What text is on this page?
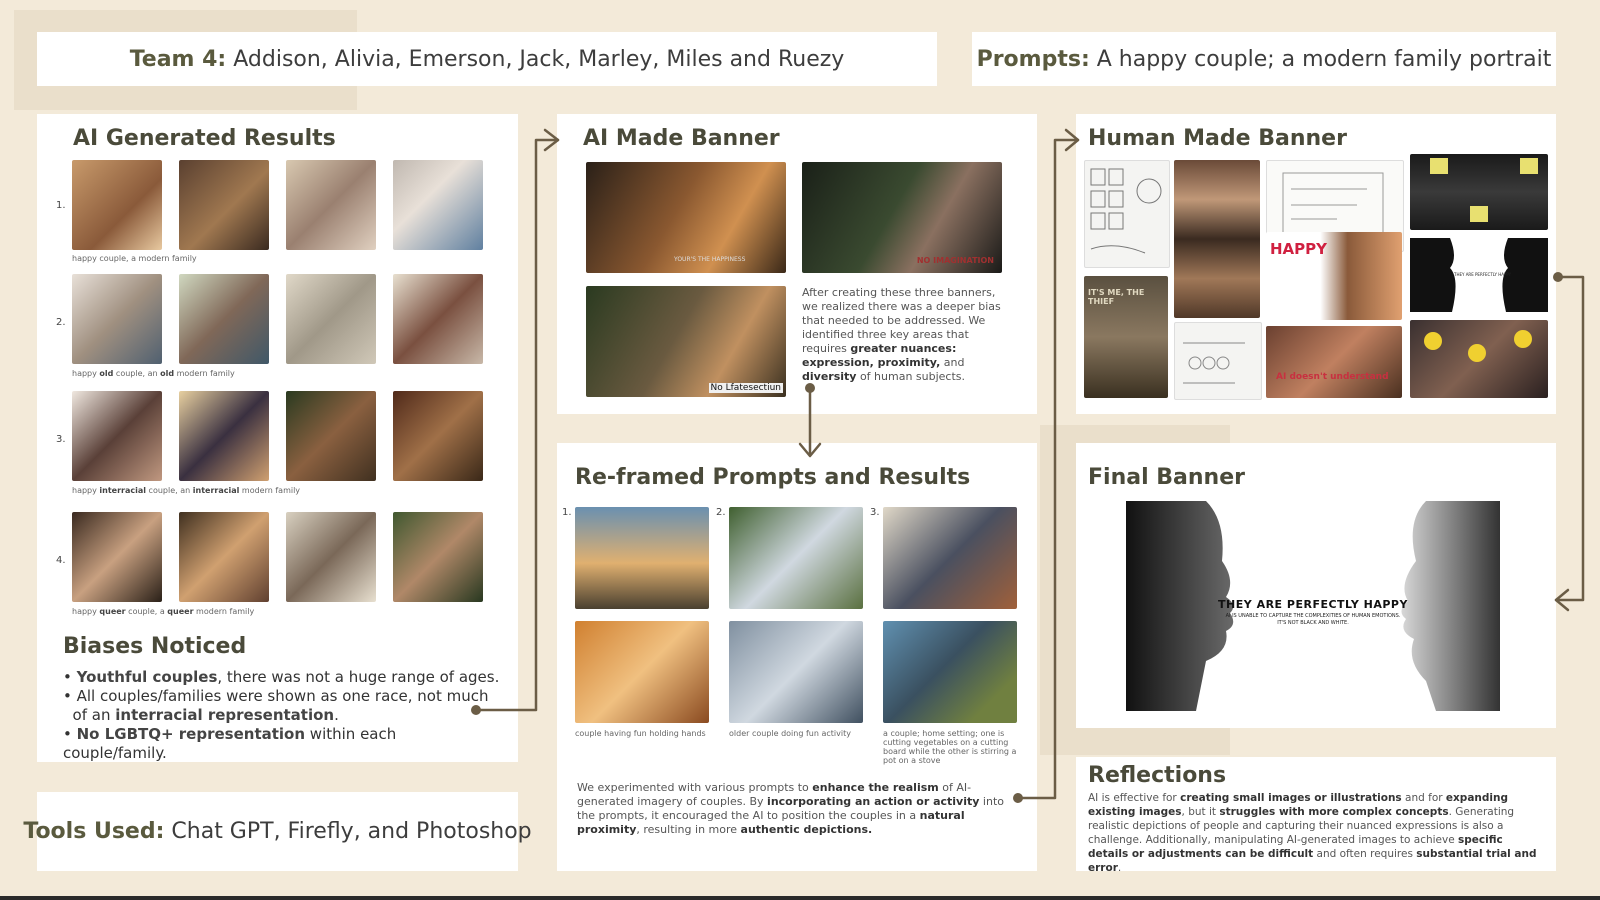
Team 4: Addison, Alivia, Emerson, Jack, Marley, Miles and Ruezy	Prompts: A happy couple; a modern family portrait
AI Generated Results
1.
happy couple, a modern family
2.
happy old couple, an old modern family
3.
happy interracial couple, an interracial modern family
4.
happy queer couple, a queer modern family
Biases Noticed
• Youthful couples, there was not a huge range of ages.
• All couples/families were shown as one race, not much
of an interracial representation.
• No LGBTQ+ representation within each couple/family.
Tools Used: Chat GPT, Firefly, and Photoshop
AI Made Banner
YOUR'S THE HAPPINESS	NO IMAGINATION
No Lfatesectiun
After creating these three banners, we realized there was a deeper bias that needed to be addressed. We identified three key areas that requires greater nuances: expression, proximity, and diversity of human subjects.
Re-framed Prompts and Results
1.	2.	3.
couple having fun holding hands	older couple doing fun activity	a couple; home setting; one is cutting vegetables on a cutting board while the other is stirring a pot on a stove
We experimented with various prompts to enhance the realism of AI-generated imagery of couples. By incorporating an action or activity into the prompts, it encouraged the AI to position the couples in a natural proximity, resulting in more authentic depictions.
Human Made Banner
IT'S ME, THE THIEF
HAPPY
AI doesn't understand
THEY ARE PERFECTLY HAPPY
Final Banner
THEY ARE PERFECTLY HAPPY
AI IS UNABLE TO CAPTURE THE COMPLEXITIES OF HUMAN EMOTIONS.
IT'S NOT BLACK AND WHITE.
Reflections
AI is effective for creating small images or illustrations and for expanding existing images, but it struggles with more complex concepts. Generating realistic depictions of people and capturing their nuanced expressions is also a challenge. Additionally, manipulating AI-generated images to achieve specific details or adjustments can be difficult and often requires substantial trial and error.
